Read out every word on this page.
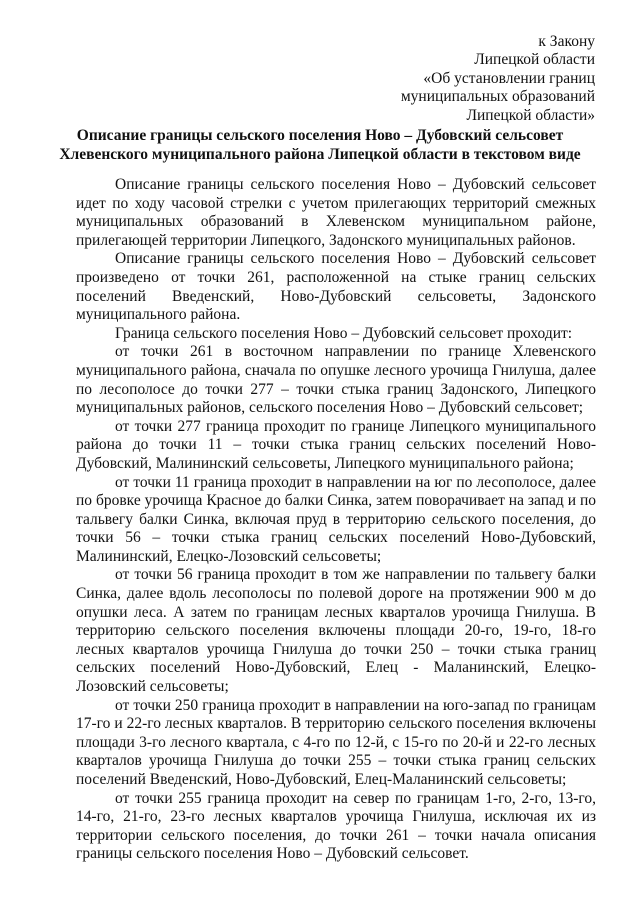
к Закону
Липецкой области
«Об установлении границ
муниципальных образований
Липецкой области»
Описание границы сельского поселения Ново – Дубовский сельсовет
Хлевенского муниципального района Липецкой области в текстовом виде

Описание границы сельского поселения Ново – Дубовский сельсовет идет по ходу часовой стрелки с учетом прилегающих территорий смежных муниципальных образований в Хлевенском муниципальном районе, прилегающей территории Липецкого, Задонского муниципальных районов.

Описание границы сельского поселения Ново – Дубовский сельсовет произведено от точки 261, расположенной на стыке границ сельских поселений Введенский, Ново-Дубовский сельсоветы, Задонского муниципального района.

Граница сельского поселения Ново – Дубовский сельсовет проходит:

от точки 261 в восточном направлении по границе Хлевенского муниципального района, сначала по опушке лесного урочища Гнилуша, далее по лесополосе до точки 277 – точки стыка границ Задонского, Липецкого муниципальных районов, сельского поселения Ново – Дубовский сельсовет;

от точки 277 граница проходит по границе Липецкого муниципального района до точки 11 – точки стыка границ сельских поселений Ново-Дубовский, Малининский сельсоветы, Липецкого муниципального района;

от точки 11 граница проходит в направлении на юг по лесополосе, далее по бровке урочища Красное до балки Синка, затем поворачивает на запад и по тальвегу балки Синка, включая пруд в территорию сельского поселения, до точки 56 – точки стыка границ сельских поселений Ново-Дубовский, Малининский, Елецко-Лозовский сельсоветы;

от точки 56 граница проходит в том же направлении по тальвегу балки Синка, далее вдоль лесополосы по полевой дороге на протяжении 900 м до опушки леса. А затем по границам лесных кварталов урочища Гнилуша. В территорию сельского поселения включены площади 20-го, 19-го, 18-го лесных кварталов урочища Гнилуша до точки 250 – точки стыка границ сельских поселений Ново-Дубовский, Елец - Маланинский, Елецко-Лозовский сельсоветы;

от точки 250 граница проходит в направлении на юго-запад по границам 17-го и 22-го лесных кварталов. В территорию сельского поселения включены площади 3-го лесного квартала, с 4-го по 12-й, с 15-го по 20-й и 22-го лесных кварталов урочища Гнилуша до точки 255 – точки стыка границ сельских поселений Введенский, Ново-Дубовский, Елец-Маланинский сельсоветы;

от точки 255 граница проходит на север по границам 1-го, 2-го, 13-го, 14-го, 21-го, 23-го лесных кварталов урочища Гнилуша, исключая их из территории сельского поселения, до точки 261 – точки начала описания границы сельского поселения Ново – Дубовский сельсовет.
